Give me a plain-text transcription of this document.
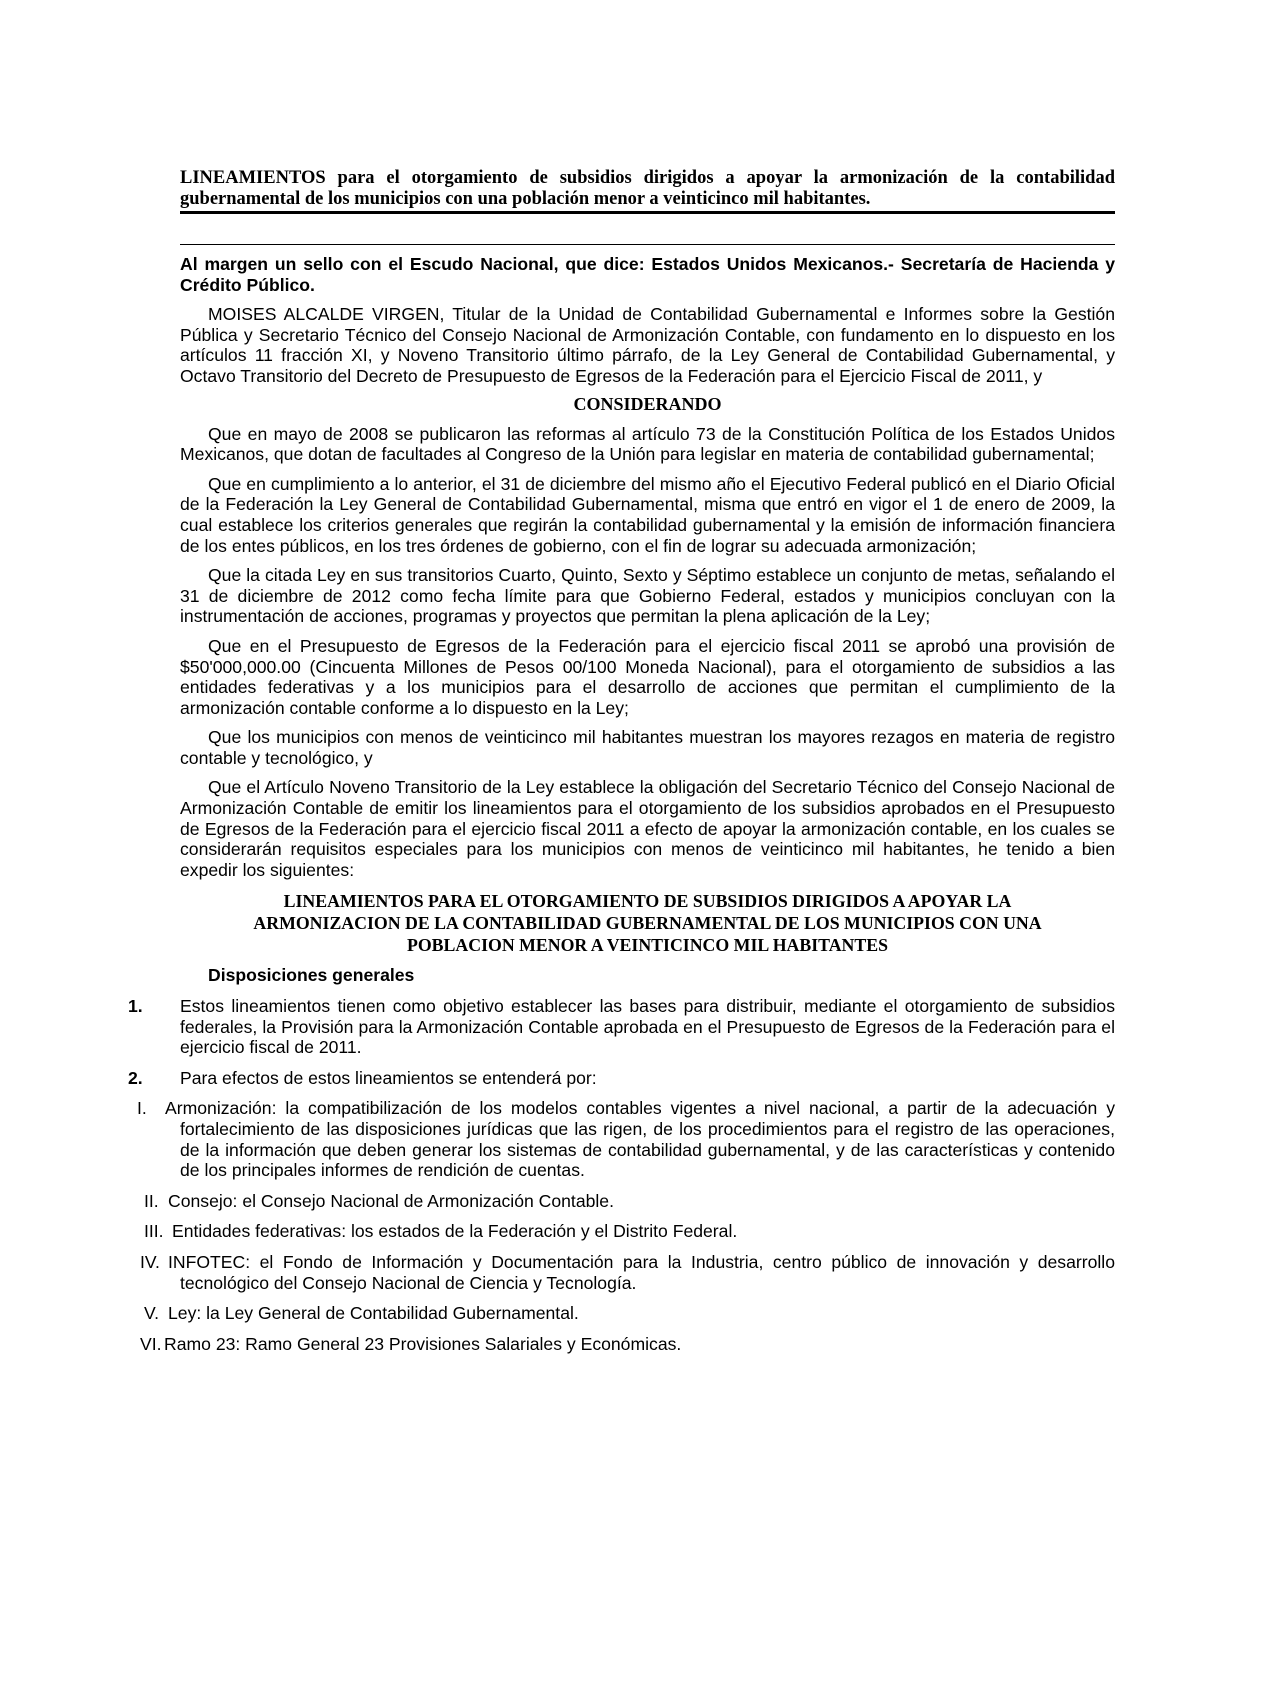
LINEAMIENTOS para el otorgamiento de subsidios dirigidos a apoyar la armonización de la contabilidad
gubernamental de los municipios con una población menor a veinticinco mil habitantes.

Al margen un sello con el Escudo Nacional, que dice: Estados Unidos Mexicanos.- Secretaría de Hacienda y Crédito Público.

MOISES ALCALDE VIRGEN, Titular de la Unidad de Contabilidad Gubernamental e Informes sobre la Gestión Pública y Secretario Técnico del Consejo Nacional de Armonización Contable, con fundamento en lo dispuesto en los artículos 11 fracción XI, y Noveno Transitorio último párrafo, de la Ley General de Contabilidad Gubernamental, y Octavo Transitorio del Decreto de Presupuesto de Egresos de la Federación para el Ejercicio Fiscal de 2011, y

CONSIDERANDO

Que en mayo de 2008 se publicaron las reformas al artículo 73 de la Constitución Política de los Estados Unidos Mexicanos, que dotan de facultades al Congreso de la Unión para legislar en materia de contabilidad gubernamental;

Que en cumplimiento a lo anterior, el 31 de diciembre del mismo año el Ejecutivo Federal publicó en el Diario Oficial de la Federación la Ley General de Contabilidad Gubernamental, misma que entró en vigor el 1 de enero de 2009, la cual establece los criterios generales que regirán la contabilidad gubernamental y la emisión de información financiera de los entes públicos, en los tres órdenes de gobierno, con el fin de lograr su adecuada armonización;

Que la citada Ley en sus transitorios Cuarto, Quinto, Sexto y Séptimo establece un conjunto de metas, señalando el 31 de diciembre de 2012 como fecha límite para que Gobierno Federal, estados y municipios concluyan con la instrumentación de acciones, programas y proyectos que permitan la plena aplicación de la Ley;

Que en el Presupuesto de Egresos de la Federación para el ejercicio fiscal 2011 se aprobó una provisión de $50'000,000.00 (Cincuenta Millones de Pesos 00/100 Moneda Nacional), para el otorgamiento de subsidios a las entidades federativas y a los municipios para el desarrollo de acciones que permitan el cumplimiento de la armonización contable conforme a lo dispuesto en la Ley;

Que los municipios con menos de veinticinco mil habitantes muestran los mayores rezagos en materia de registro contable y tecnológico, y

Que el Artículo Noveno Transitorio de la Ley establece la obligación del Secretario Técnico del Consejo Nacional de Armonización Contable de emitir los lineamientos para el otorgamiento de los subsidios aprobados en el Presupuesto de Egresos de la Federación para el ejercicio fiscal 2011 a efecto de apoyar la armonización contable, en los cuales se considerarán requisitos especiales para los municipios con menos de veinticinco mil habitantes, he tenido a bien expedir los siguientes:

LINEAMIENTOS PARA EL OTORGAMIENTO DE SUBSIDIOS DIRIGIDOS A APOYAR LA
ARMONIZACION DE LA CONTABILIDAD GUBERNAMENTAL DE LOS MUNICIPIOS CON UNA
POBLACION MENOR A VEINTICINCO MIL HABITANTES
Disposiciones generales
1. Estos lineamientos tienen como objetivo establecer las bases para distribuir, mediante el otorgamiento de subsidios federales, la Provisión para la Armonización Contable aprobada en el Presupuesto de Egresos de la Federación para el ejercicio fiscal de 2011.
2. Para efectos de estos lineamientos se entenderá por:
I. Armonización: la compatibilización de los modelos contables vigentes a nivel nacional, a partir de la adecuación y fortalecimiento de las disposiciones jurídicas que las rigen, de los procedimientos para el registro de las operaciones, de la información que deben generar los sistemas de contabilidad gubernamental, y de las características y contenido de los principales informes de rendición de cuentas.
II. Consejo: el Consejo Nacional de Armonización Contable.
III. Entidades federativas: los estados de la Federación y el Distrito Federal.
IV. INFOTEC: el Fondo de Información y Documentación para la Industria, centro público de innovación y desarrollo tecnológico del Consejo Nacional de Ciencia y Tecnología.
V. Ley: la Ley General de Contabilidad Gubernamental.
VI. Ramo 23: Ramo General 23 Provisiones Salariales y Económicas.
